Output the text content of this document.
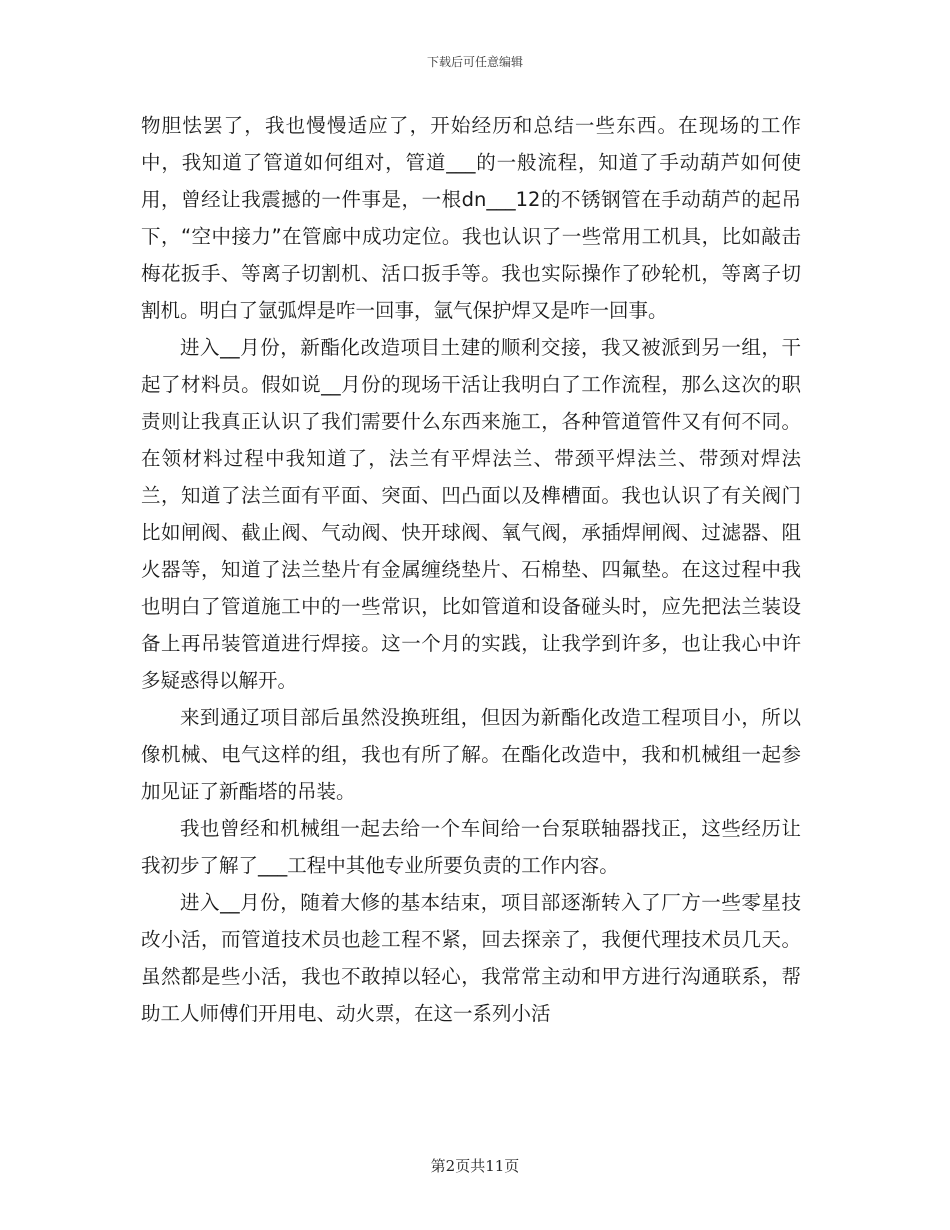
下载后可任意编辑

物胆怯罢了，我也慢慢适应了，开始经历和总结一些东西。在现场的工作中，我知道了管道如何组对，管道___的一般流程，知道了手动葫芦如何使用，曾经让我震撼的一件事是，一根dn___12的不锈钢管在手动葫芦的起吊下，“空中接力”在管廊中成功定位。我也认识了一些常用工机具，比如敲击梅花扳手、等离子切割机、活口扳手等。我也实际操作了砂轮机，等离子切割机。明白了氩弧焊是咋一回事，氩气保护焊又是咋一回事。

进入__月份，新酯化改造项目土建的顺利交接，我又被派到另一组，干起了材料员。假如说__月份的现场干活让我明白了工作流程，那么这次的职责则让我真正认识了我们需要什么东西来施工，各种管道管件又有何不同。在领材料过程中我知道了，法兰有平焊法兰、带颈平焊法兰、带颈对焊法兰，知道了法兰面有平面、突面、凹凸面以及榫槽面。我也认识了有关阀门比如闸阀、截止阀、气动阀、快开球阀、氧气阀，承插焊闸阀、过滤器、阻火器等，知道了法兰垫片有金属缠绕垫片、石棉垫、四氟垫。在这过程中我也明白了管道施工中的一些常识，比如管道和设备碰头时，应先把法兰装设备上再吊装管道进行焊接。这一个月的实践，让我学到许多，也让我心中许多疑惑得以解开。

来到通辽项目部后虽然没换班组，但因为新酯化改造工程项目小，所以像机械、电气这样的组，我也有所了解。在酯化改造中，我和机械组一起参加见证了新酯塔的吊装。

我也曾经和机械组一起去给一个车间给一台泵联轴器找正，这些经历让我初步了解了___工程中其他专业所要负责的工作内容。

进入__月份，随着大修的基本结束，项目部逐渐转入了厂方一些零星技改小活，而管道技术员也趁工程不紧，回去探亲了，我便代理技术员几天。虽然都是些小活，我也不敢掉以轻心，我常常主动和甲方进行沟通联系，帮助工人师傅们开用电、动火票，在这一系列小活

第2页共11页
